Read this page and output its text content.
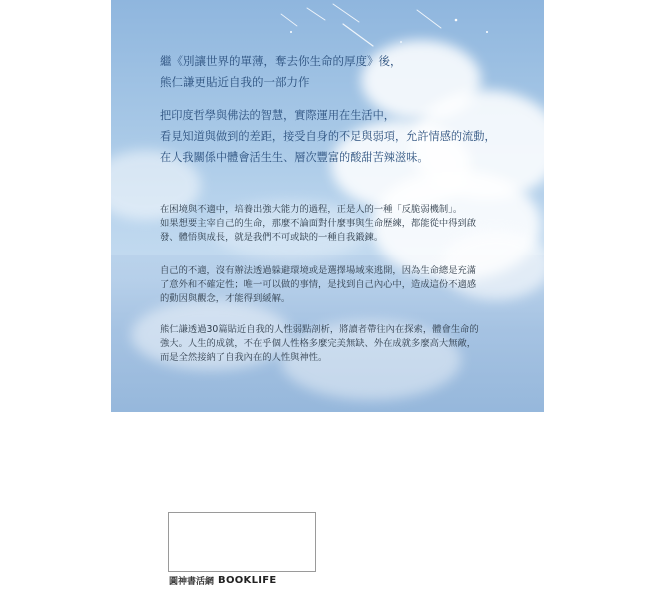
繼《別讓世界的單薄，奪去你生命的厚度》後，
熊仁謙更貼近自我的一部力作
把印度哲學與佛法的智慧，實際運用在生活中，
看見知道與做到的差距，接受自身的不足與弱項，允許情感的流動，
在人我關係中體會活生生、層次豐富的酸甜苦辣滋味。
在困境與不適中，培養出強大能力的過程，正是人的一種「反脆弱機制」。
如果想要主宰自己的生命，那麼不論面對什麼事與生命歷練，都能從中得到啟
發、體悟與成長，就是我們不可或缺的一種自我鍛鍊。
自己的不適，沒有辦法透過躲避環境或是選擇場域來逃開，因為生命總是充滿
了意外和不確定性；唯一可以做的事情，是找到自己內心中，造成這份不適感
的動因與觀念，才能得到緩解。
熊仁謙透過30篇貼近自我的人性弱點剖析，將讀者帶往內在探索，體會生命的
強大。人生的成就，不在乎個人性格多麼完美無缺、外在成就多麼高大無敵，
而是全然接納了自我內在的人性與神性。
圓神書活網 BOOKLIFE
